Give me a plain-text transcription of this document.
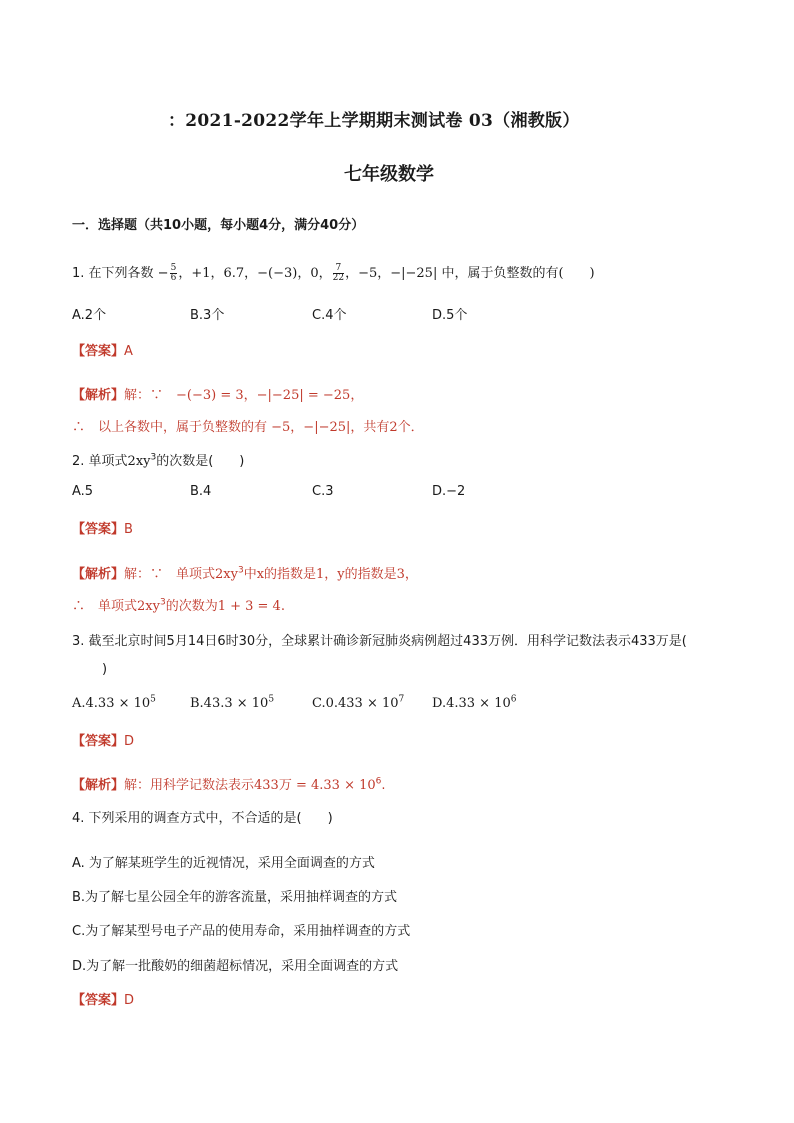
：2021-2022学年上学期期末测试卷 03（湘教版）
七年级数学
一．选择题（共10小题，每小题4分，满分40分）
1. 在下列各数 − $\frac{5}{6}$ ，+1，6.7，−(−3)，0， $\frac{7}{22}$ ，−5，−|−25| 中，属于负整数的有(　　)
A.2个	B.3个	C.4个	D.5个
【答案】A
【解析】解：∵　−(−3) = 3，−|−25| = −25，
∴　以上各数中，属于负整数的有 −5，−|−25|，共有2个．
2. 单项式$2xy^3$的次数是(　　)
A.5	B.4	C.3	D.−2
【答案】B
【解析】解：∵　单项式$2xy^3$中x的指数是1，y的指数是3，
∴　单项式$2xy^3$的次数为1 + 3 = 4.
3. 截至北京时间5月14日6时30分，全球累计确诊新冠肺炎病例超过433万例．用科学记数法表示433万是(
)
$A.4.33 \times 10^5$	$B.43.3 \times 10^5$	$C.0.433 \times 10^7$ $D.4.33 \times 10^6$
【答案】D
【解析】解：用科学记数法表示433万 = $4.33 \times 10^6$.
4. 下列采用的调查方式中，不合适的是(　　)
A. 为了解某班学生的近视情况，采用全面调查的方式
B.为了解七星公园全年的游客流量，采用抽样调查的方式
C.为了解某型号电子产品的使用寿命，采用抽样调查的方式
D.为了解一批酸奶的细菌超标情况，采用全面调查的方式
【答案】D
